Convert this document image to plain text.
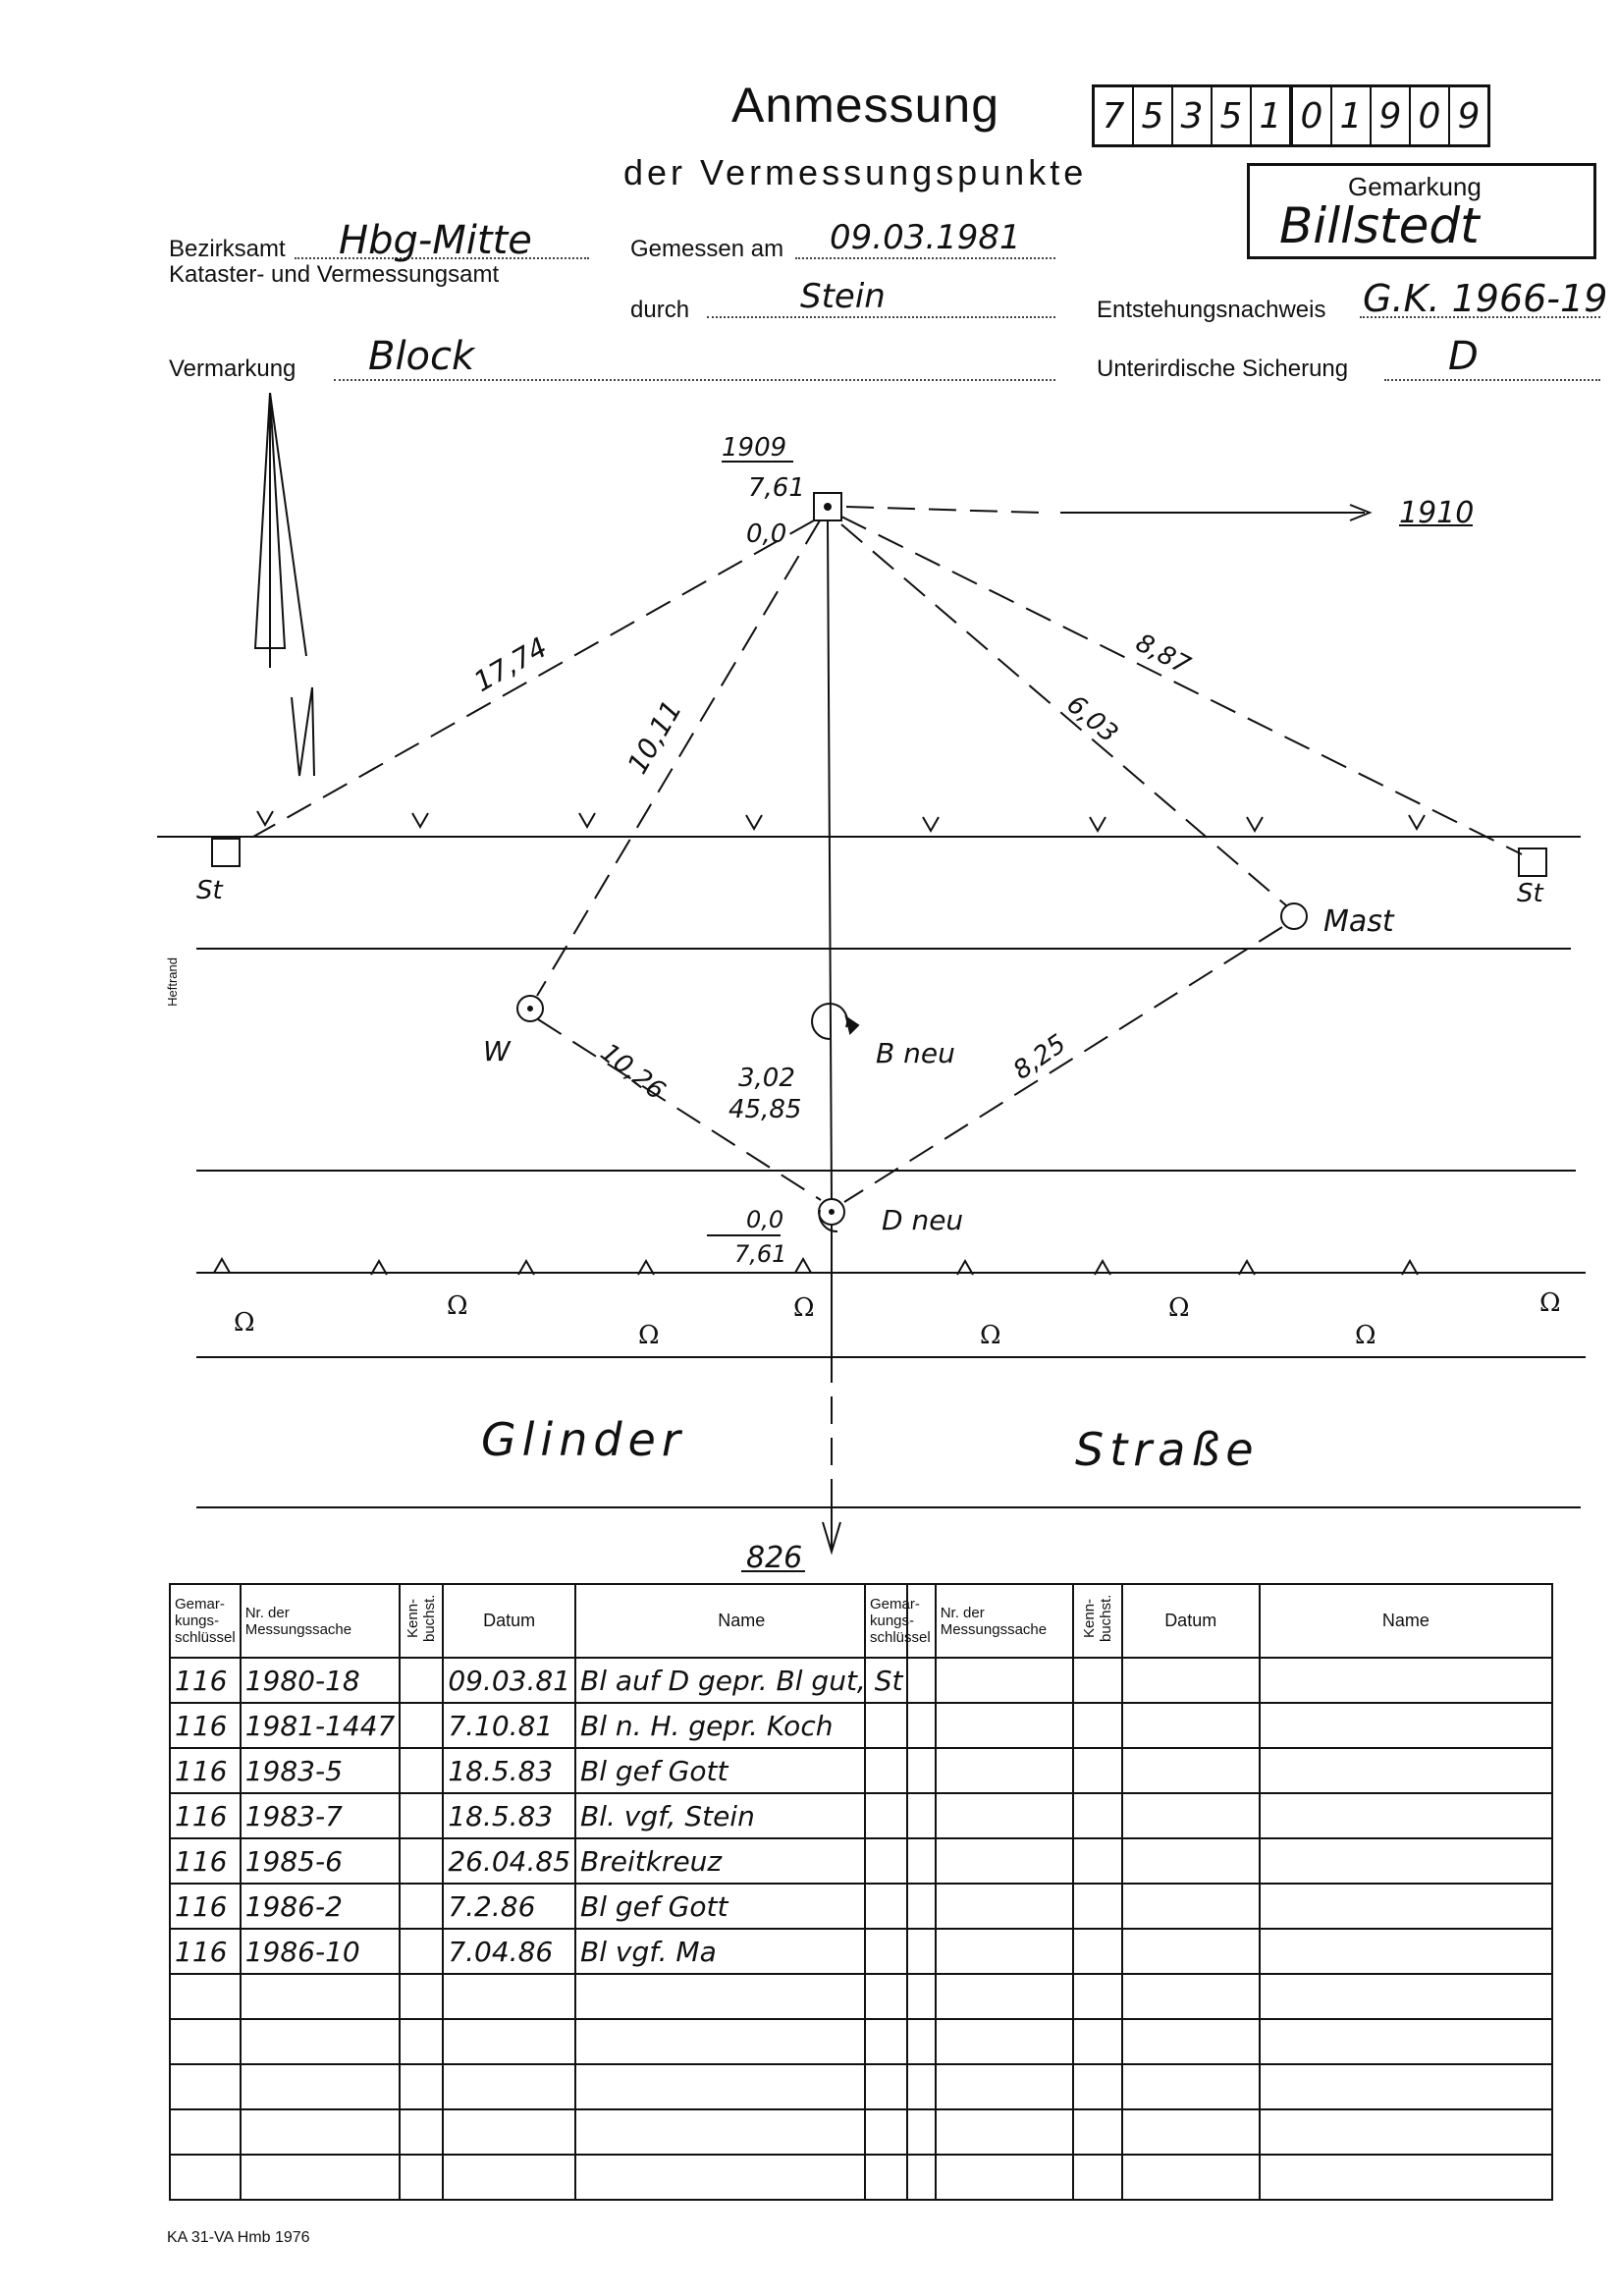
Anmessung
der Vermessungspunkte
7 5 3 5 1 0 1 9 0 9
Gemarkung
Billstedt
Bezirksamt Hbg-Mitte
Kataster- und Vermessungsamt
Gemessen am 09.03.1981
durch	Stein	Entstehungsnachweis G.K. 1966-19
Vermarkung Block	Unterirdische Sicherung	D
Ω
Ω
Ω
Ω
Ω
Ω
Ω
Ω
1909
7,61
0,0
1910
17,74
10,11	6,03
8,87
St	St
Mast
W	B neu
D neu
10,26	8,25
3,02
45,85
0,0
7,61
Glinder	Straße
826
Heftrand
Gemar-kungs-schlüssel	Nr. der Messungssache	Kenn-buchst.	Datum	Name
116	1980-18		09.03.81	Bl auf D gepr. Bl gut, St
116	1981-1447		7.10.81	Bl n. H. gepr. Koch
116	1983-5		18.5.83	Bl gef Gott
116	1983-7		18.5.83	Bl. vgf, Stein
116	1985-6		26.04.85	Breitkreuz
116	1986-2		7.2.86	Bl gef Gott
116	1986-10		7.04.86	Bl vgf. Ma

Gemar-kungs-schlüssel	Nr. der Messungssache	Kenn-buchst.	Datum	Name

KA 31-VA Hmb 1976
